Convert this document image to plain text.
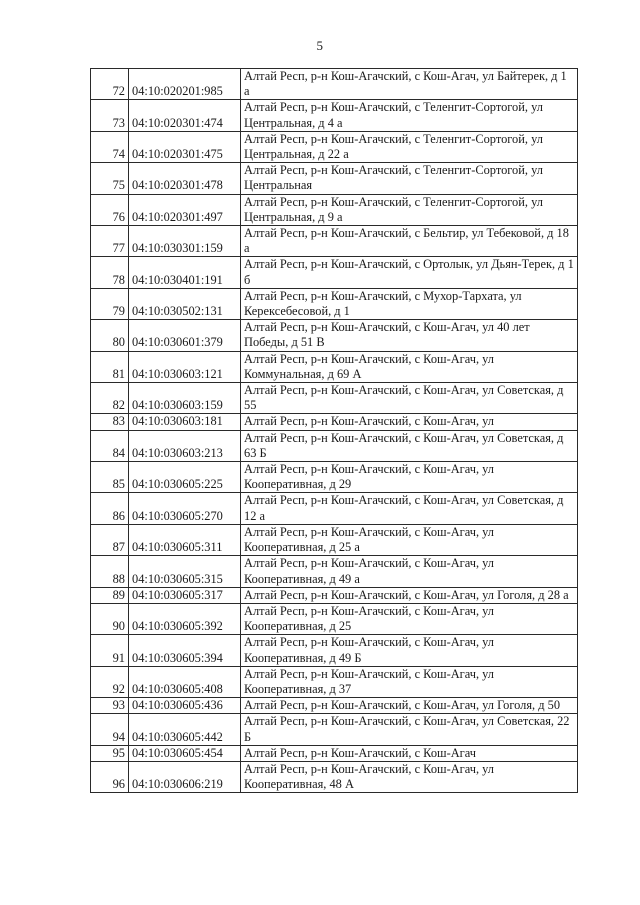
5
72	04:10:020201:985	Алтай Респ, р-н Кош-Агачский, с Кош-Агач, ул Байтерек, д 1 а
73	04:10:020301:474	Алтай Респ, р-н Кош-Агачский, с Теленгит-Сортогой, ул Центральная, д 4 а
74	04:10:020301:475	Алтай Респ, р-н Кош-Агачский, с Теленгит-Сортогой, ул Центральная, д 22 а
75	04:10:020301:478	Алтай Респ, р-н Кош-Агачский, с Теленгит-Сортогой, ул Центральная
76	04:10:020301:497	Алтай Респ, р-н Кош-Агачский, с Теленгит-Сортогой, ул Центральная, д 9 а
77	04:10:030301:159	Алтай Респ, р-н Кош-Агачский, с Бельтир, ул Тебековой, д 18 а
78	04:10:030401:191	Алтай Респ, р-н Кош-Агачский, с Ортолык, ул Дьян-Терек, д 1 б
79	04:10:030502:131	Алтай Респ, р-н Кош-Агачский, с Мухор-Тархата, ул Керексебесовой, д 1
80	04:10:030601:379	Алтай Респ, р-н Кош-Агачский, с Кош-Агач, ул 40 лет Победы, д 51 В
81	04:10:030603:121	Алтай Респ, р-н Кош-Агачский, с Кош-Агач, ул Коммунальная, д 69 А
82	04:10:030603:159	Алтай Респ, р-н Кош-Агачский, с Кош-Агач, ул Советская, д 55
83	04:10:030603:181	Алтай Респ, р-н Кош-Агачский, с Кош-Агач, ул
84	04:10:030603:213	Алтай Респ, р-н Кош-Агачский, с Кош-Агач, ул Советская, д 63 Б
85	04:10:030605:225	Алтай Респ, р-н Кош-Агачский, с Кош-Агач, ул Кооперативная, д 29
86	04:10:030605:270	Алтай Респ, р-н Кош-Агачский, с Кош-Агач, ул Советская, д 12 а
87	04:10:030605:311	Алтай Респ, р-н Кош-Агачский, с Кош-Агач, ул Кооперативная, д 25 а
88	04:10:030605:315	Алтай Респ, р-н Кош-Агачский, с Кош-Агач, ул Кооперативная, д 49 а
89	04:10:030605:317	Алтай Респ, р-н Кош-Агачский, с Кош-Агач, ул Гоголя, д 28 а
90	04:10:030605:392	Алтай Респ, р-н Кош-Агачский, с Кош-Агач, ул Кооперативная, д 25
91	04:10:030605:394	Алтай Респ, р-н Кош-Агачский, с Кош-Агач, ул Кооперативная, д 49 Б
92	04:10:030605:408	Алтай Респ, р-н Кош-Агачский, с Кош-Агач, ул Кооперативная, д 37
93	04:10:030605:436	Алтай Респ, р-н Кош-Агачский, с Кош-Агач, ул Гоголя, д 50
94	04:10:030605:442	Алтай Респ, р-н Кош-Агачский, с Кош-Агач, ул Советская, 22 Б
95	04:10:030605:454	Алтай Респ, р-н Кош-Агачский, с Кош-Агач
96	04:10:030606:219	Алтай Респ, р-н Кош-Агачский, с Кош-Агач, ул Кооперативная, 48 А
